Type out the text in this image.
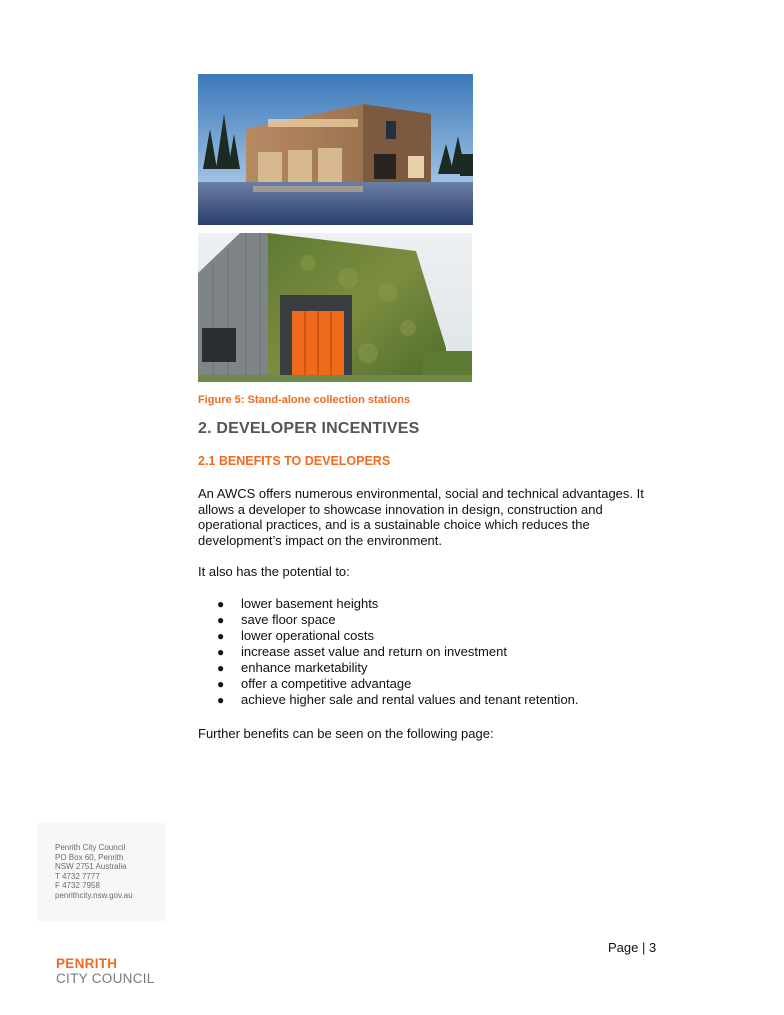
Figure 5: Stand-alone collection stations
2. DEVELOPER INCENTIVES
2.1 BENEFITS TO DEVELOPERS

An AWCS offers numerous environmental, social and technical advantages. It allows a developer to showcase innovation in design, construction and operational practices, and is a sustainable choice which reduces the development’s impact on the environment.

It also has the potential to:

● lower basement heights
● save floor space
● lower operational costs
● increase asset value and return on investment
● enhance marketability
● offer a competitive advantage
● achieve higher sale and rental values and tenant retention.

Further benefits can be seen on the following page:

Penrith City Council
PO Box 60, Penrith
NSW 2751 Australia
T 4732 7777
F 4732 7958
penrithcity.nsw.gov.au
Page | 3
PENRITH
CITY COUNCIL
